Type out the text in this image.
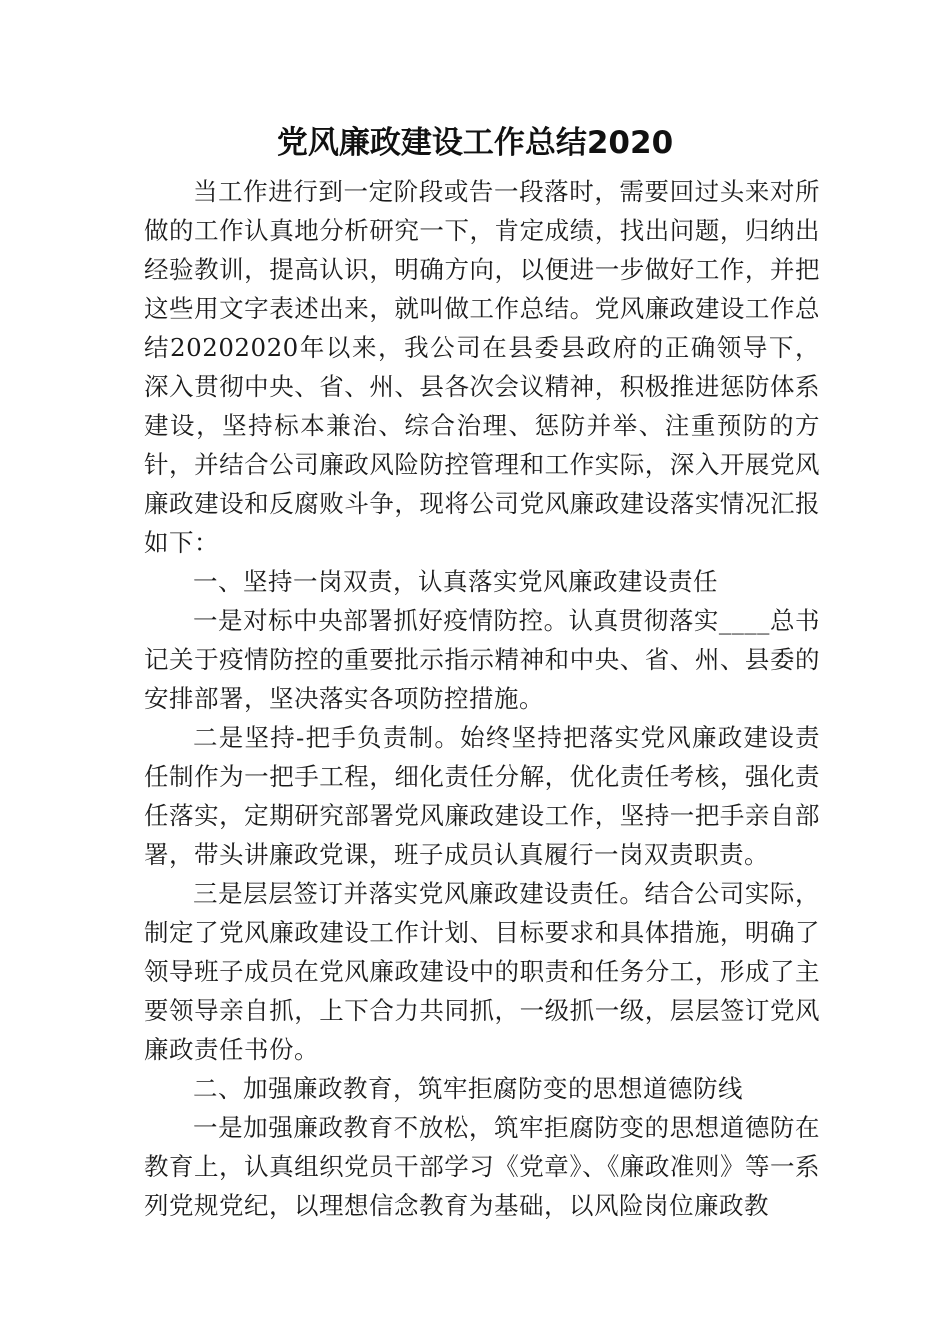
党风廉政建设工作总结2020

当工作进行到一定阶段或告一段落时，需要回过头来对所做的工作认真地分析研究一下，肯定成绩，找出问题，归纳出经验教训，提高认识，明确方向，以便进一步做好工作，并把这些用文字表述出来，就叫做工作总结。党风廉政建设工作总结20202020年以来，我公司在县委县政府的正确领导下，深入贯彻中央、省、州、县各次会议精神，积极推进惩防体系建设，坚持标本兼治、综合治理、惩防并举、注重预防的方针，并结合公司廉政风险防控管理和工作实际，深入开展党风廉政建设和反腐败斗争，现将公司党风廉政建设落实情况汇报如下：

一、坚持一岗双责，认真落实党风廉政建设责任

一是对标中央部署抓好疫情防控。认真贯彻落实____总书记关于疫情防控的重要批示指示精神和中央、省、州、县委的安排部署，坚决落实各项防控措施。

二是坚持-把手负责制。始终坚持把落实党风廉政建设责任制作为一把手工程，细化责任分解，优化责任考核，强化责任落实，定期研究部署党风廉政建设工作，坚持一把手亲自部署，带头讲廉政党课，班子成员认真履行一岗双责职责。

三是层层签订并落实党风廉政建设责任。结合公司实际，制定了党风廉政建设工作计划、目标要求和具体措施，明确了领导班子成员在党风廉政建设中的职责和任务分工，形成了主要领导亲自抓，上下合力共同抓，一级抓一级，层层签订党风廉政责任书份。

二、加强廉政教育，筑牢拒腐防变的思想道德防线

一是加强廉政教育不放松，筑牢拒腐防变的思想道德防在教育上，认真组织党员干部学习《党章》、《廉政准则》等一系列党规党纪，以理想信念教育为基础，以风险岗位廉政教
